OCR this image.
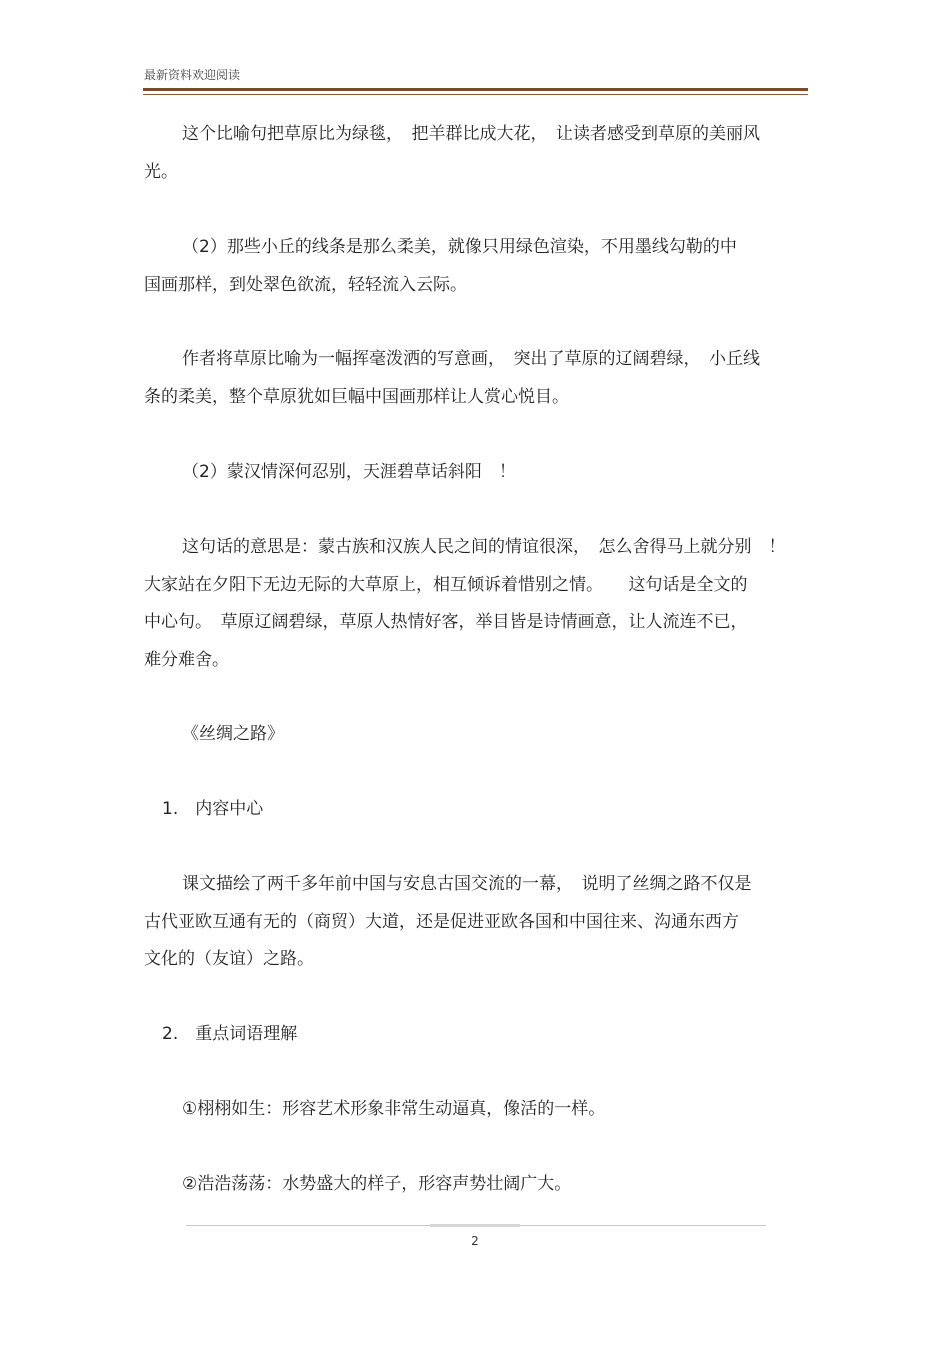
最新资料欢迎阅读
这个比喻句把草原比为绿毯，　把羊群比成大花，　让读者感受到草原的美丽风
光。
（2）那些小丘的线条是那么柔美，就像只用绿色渲染，不用墨线勾勒的中
国画那样，到处翠色欲流，轻轻流入云际。
作者将草原比喻为一幅挥毫泼洒的写意画，　突出了草原的辽阔碧绿，　小丘线
条的柔美，整个草原犹如巨幅中国画那样让人赏心悦目。
（2）蒙汉情深何忍别，天涯碧草话斜阳　！
这句话的意思是：蒙古族和汉族人民之间的情谊很深，　怎么舍得马上就分别　！
大家站在夕阳下无边无际的大草原上，相互倾诉着惜别之情。　　这句话是全文的
中心句。　草原辽阔碧绿，草原人热情好客，举目皆是诗情画意，让人流连不已，
难分难舍。
《丝绸之路》
1.　内容中心
课文描绘了两千多年前中国与安息古国交流的一幕，　说明了丝绸之路不仅是
古代亚欧互通有无的（商贸）大道，还是促进亚欧各国和中国往来、沟通东西方
文化的（友谊）之路。
2.　重点词语理解
①栩栩如生：形容艺术形象非常生动逼真，像活的一样。
②浩浩荡荡：水势盛大的样子，形容声势壮阔广大。
2
